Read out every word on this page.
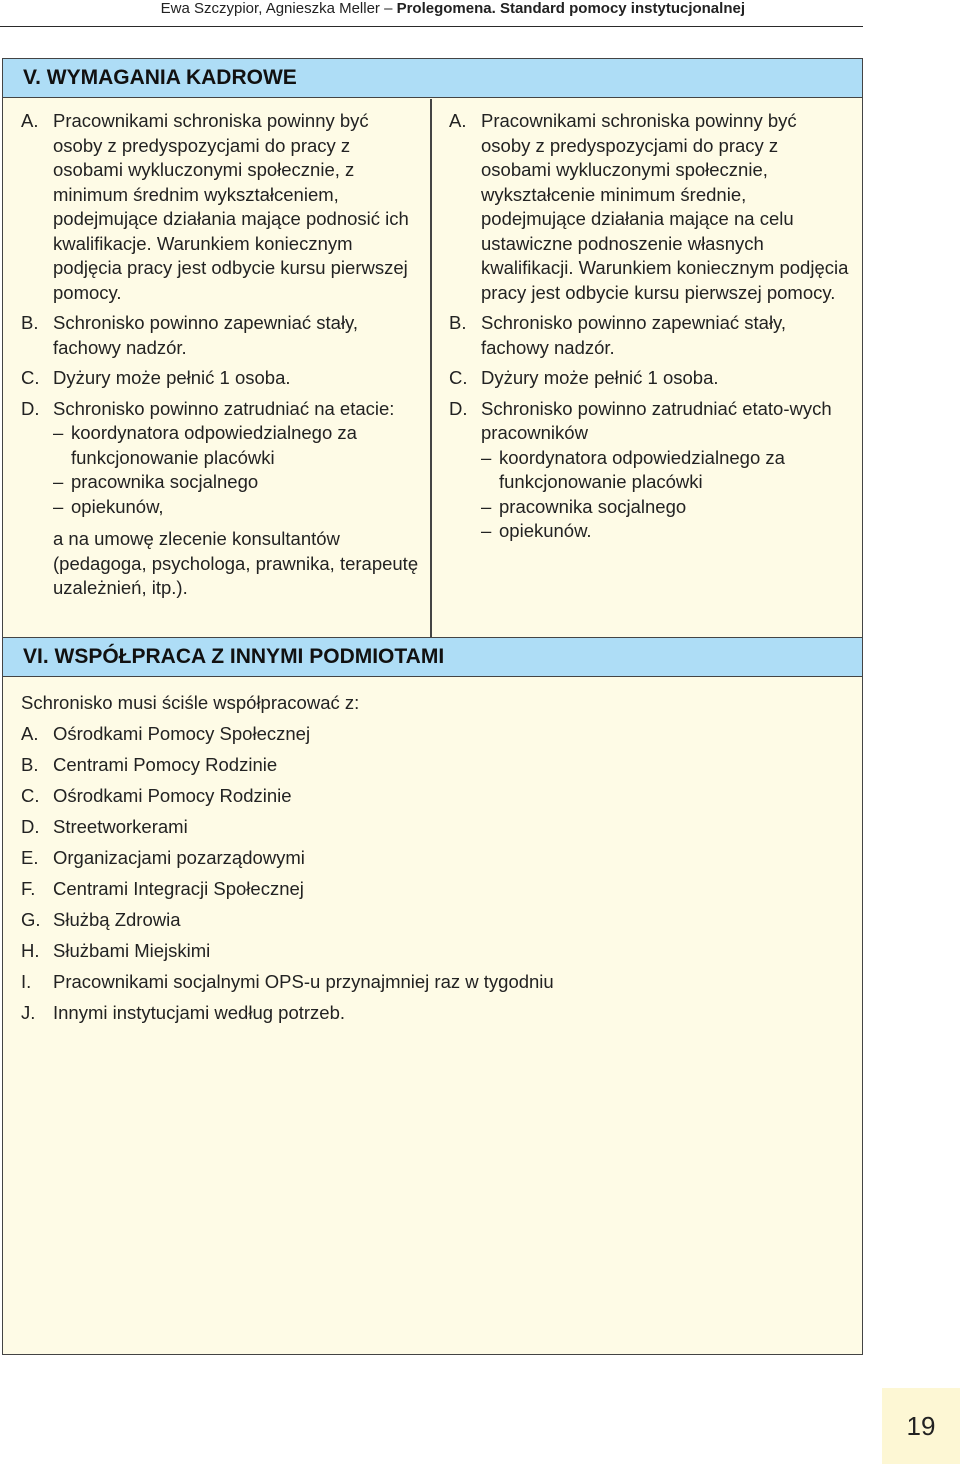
Ewa Szczypior, Agnieszka Meller – Prolegomena. Standard pomocy instytucjonalnej
V. WYMAGANIA KADROWE
A. Pracownikami schroniska powinny być osoby z predyspozycjami do pracy z osobami wykluczonymi społecznie, z minimum średnim wykształceniem, podejmujące działania mające podnosić ich kwalifikacje. Warunkiem koniecznym podjęcia pracy jest odbycie kursu pierwszej pomocy.
B. Schronisko powinno zapewniać stały, fachowy nadzór.
C. Dyżury może pełnić 1 osoba.
D. Schronisko powinno zatrudniać na etacie:
– koordynatora odpowiedzialnego za funkcjonowanie placówki
– pracownika socjalnego
– opiekunów,
a na umowę zlecenie konsultantów (pedagoga, psychologa, prawnika, terapeutę uzależnień, itp.).
A. Pracownikami schroniska powinny być osoby z predyspozycjami do pracy z osobami wykluczonymi społecznie, wykształcenie minimum średnie, podejmujące działania mające na celu ustawiczne podnoszenie własnych kwalifikacji. Warunkiem koniecznym podjęcia pracy jest odbycie kursu pierwszej pomocy.
B. Schronisko powinno zapewniać stały, fachowy nadzór.
C. Dyżury może pełnić 1 osoba.
D. Schronisko powinno zatrudniać etato-wych pracowników
– koordynatora odpowiedzialnego za funkcjonowanie placówki
– pracownika socjalnego
– opiekunów.
VI. WSPÓŁPRACA Z INNYMI PODMIOTAMI
Schronisko musi ściśle współpracować z:
A. Ośrodkami Pomocy Społecznej
B. Centrami Pomocy Rodzinie
C. Ośrodkami Pomocy Rodzinie
D. Streetworkerami
E. Organizacjami pozarządowymi
F. Centrami Integracji Społecznej
G. Służbą Zdrowia
H. Służbami Miejskimi
I. Pracownikami socjalnymi OPS-u przynajmniej raz w tygodniu
J. Innymi instytucjami według potrzeb.
19
